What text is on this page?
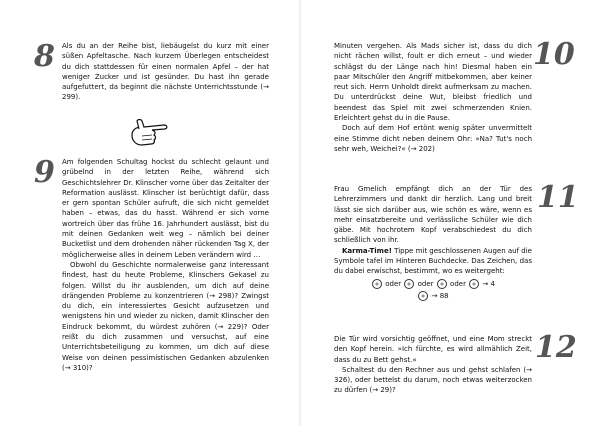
8 Als du an der Reihe bist, liebäugelst du kurz mit einer süßen Apfeltasche. Nach kurzem Überlegen entscheidest du dich stattdessen für einen normalen Apfel – der hat weniger Zucker und ist gesünder. Du hast ihn gerade aufgefuttert, da beginnt die nächste Unterrichtsstunde (→ 299).

9 Am folgenden Schultag hockst du schlecht gelaunt und grübelnd in der letzten Reihe, während sich Geschichtslehrer Dr. Klinscher vorne über das Zeitalter der Reformation auslässt. Klinscher ist berüchtigt dafür, dass er gern spontan Schüler aufruft, die sich nicht gemeldet haben – etwas, das du hasst. Während er sich vorne wortreich über das frühe 16. Jahrhundert auslässt, bist du mit deinen Gedanken weit weg – nämlich bei deiner Bucketlist und dem drohenden näher rückenden Tag X, der möglicherweise alles in deinem Leben verändern wird …

Obwohl du Geschichte normalerweise ganz interessant findest, hast du heute Probleme, Klinschers Gekasel zu folgen. Willst du ihr ausblenden, um dich auf deine drängenden Probleme zu konzentrieren (→ 298)? Zwingst du dich, ein interessiertes Gesicht aufzusetzen und wenigstens hin und wieder zu nicken, damit Klinscher den Eindruck bekommt, du würdest zuhören (→ 229)? Oder reißt du dich zusammen und versuchst, auf eine Unterrichtsbeteiligung zu kommen, um dich auf diese Weise von deinen pessimistischen Gedanken abzulenken (→ 310)?

Minuten vergehen. Als Mads sicher ist, dass du dich nicht rächen willst, foult er dich erneut – und wieder schlägst du der Länge nach hin! Diesmal haben ein paar Mitschüler den Angriff mitbekommen, aber keiner reut sich. Herrn Unholdt direkt aufmerksam zu machen. Du unterdrückst deine Wut, bleibst friedlich und beendest das Spiel mit zwei schmerzenden Knien. Erleichtert gehst du in die Pause.

Doch auf dem Hof ertönt wenig später unvermittelt eine Stimme dicht neben deinem Ohr: »Na? Tut's noch sehr weh, Weichei?« (→ 202)

10

Frau Gmelich empfängt dich an der Tür des Lehrerzimmers und dankt dir herzlich. Lang und breit lässt sie sich darüber aus, wie schön es wäre, wenn es mehr einsatzbereite und verlässliche Schüler wie dich gäbe. Mit hochrotem Kopf verabschiedest du dich schließlich von ihr.

Karma-Time! Tippe mit geschlossenen Augen auf die Symbole tafel im Hinteren Buchdecke. Das Zeichen, das du dabei erwischst, bestimmt, wo es weitergeht:

oder oder oder → 4
→ 88
11

Die Tür wird vorsichtig geöffnet, und eine Mom streckt den Kopf herein. »Ich fürchte, es wird allmählich Zeit, dass du zu Bett gehst.«

Schaltest du den Rechner aus und gehst schlafen (→ 326), oder bettelst du darum, noch etwas weiterzocken zu dürfen (→ 29)?

12
